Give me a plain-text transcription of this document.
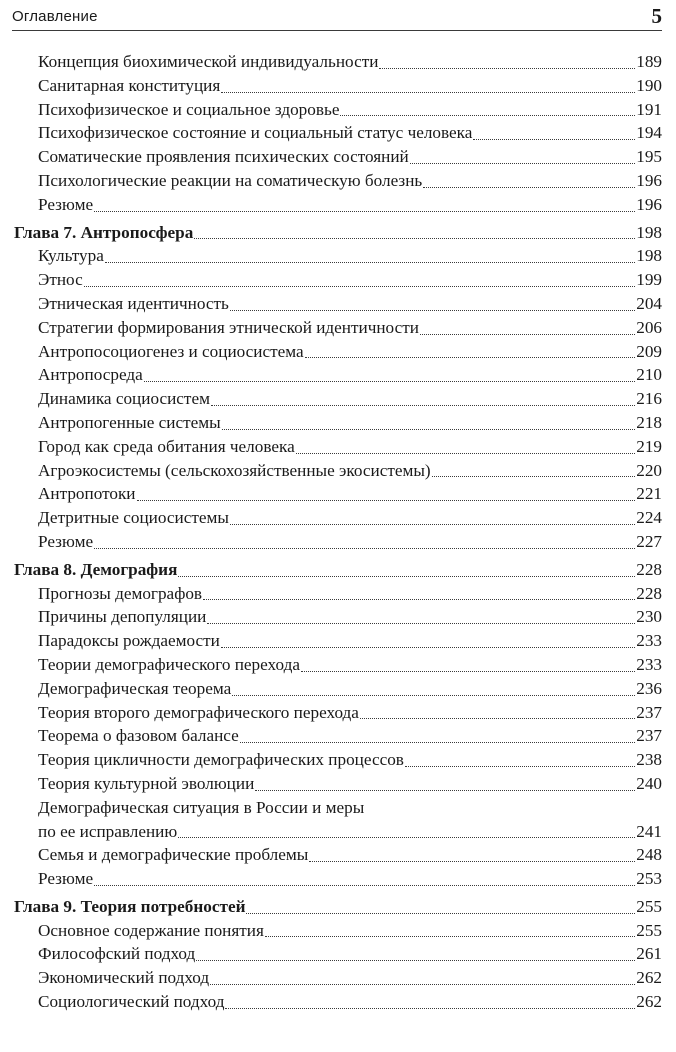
Оглавление	5
Концепция биохимической индивидуальности	189
Санитарная конституция	190
Психофизическое и социальное здоровье	191
Психофизическое состояние и социальный статус человека	194
Соматические проявления психических состояний	195
Психологические реакции на соматическую болезнь	196
Резюме	196
Глава 7. Антропосфера	198
Культура	198
Этнос	199
Этническая идентичность	204
Стратегии формирования этнической идентичности	206
Антропосоциогенез и социосистема	209
Антропосреда	210
Динамика социосистем	216
Антропогенные системы	218
Город как среда обитания человека	219
Агроэкосистемы (сельскохозяйственные экосистемы)	220
Антропотоки	221
Детритные социосистемы	224
Резюме	227
Глава 8. Демография	228
Прогнозы демографов	228
Причины депопуляции	230
Парадоксы рождаемости	233
Теории демографического перехода	233
Демографическая теорема	236
Теория второго демографического перехода	237
Теорема о фазовом балансе	237
Теория цикличности демографических процессов	238
Теория культурной эволюции	240
Демографическая ситуация в России и меры
по ее исправлению	241
Семья и демографические проблемы	248
Резюме	253
Глава 9. Теория потребностей	255
Основное содержание понятия	255
Философский подход	261
Экономический подход	262
Социологический подход	262
